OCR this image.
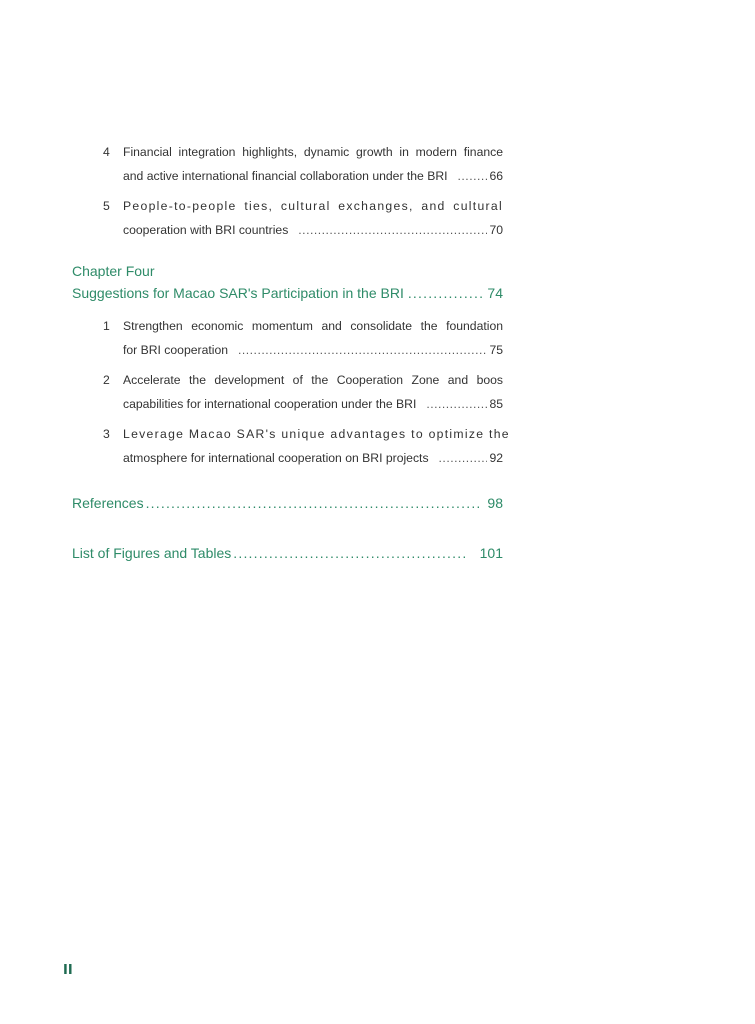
4 Financial integration highlights, dynamic growth in modern finance
and active international financial collaboration under the BRI .....	66
5 People-to-people ties, cultural exchanges, and cultural
cooperation with BRI countries .....	70
Chapter Four
Suggestions for Macao SAR's Participation in the BRI .....	74
1 Strengthen economic momentum and consolidate the foundation
for BRI cooperation .....	75
2 Accelerate the development of the Cooperation Zone and boos
capabilities for international cooperation under the BRI .....	85
3 Leverage Macao SAR's unique advantages to optimize the
atmosphere for international cooperation on BRI projects .....	92
References .....	98
List of Figures and Tables .....	101
II
